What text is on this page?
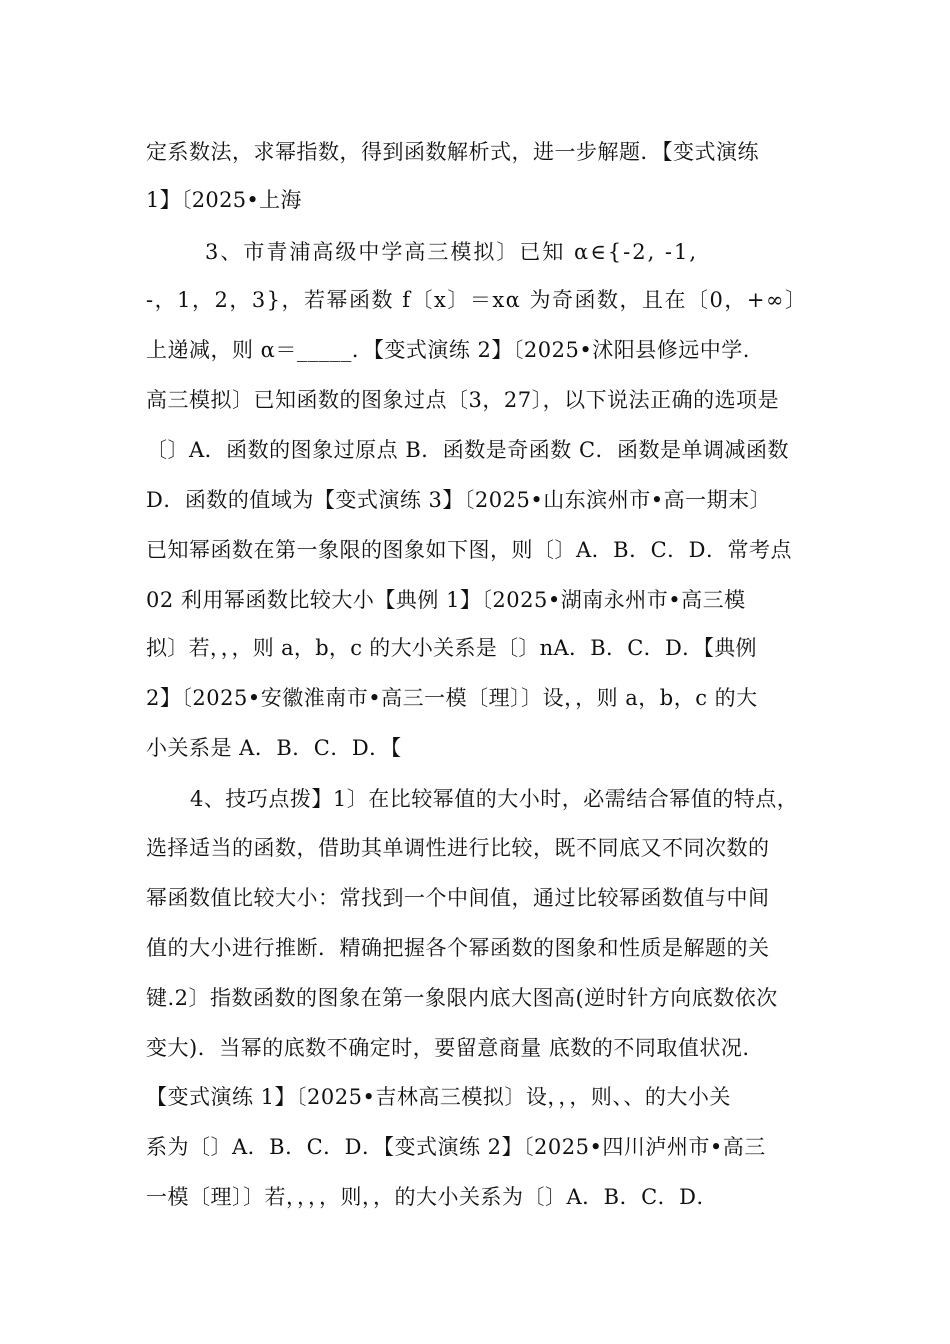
定系数法，求幂指数，得到函数解析式，进一步解题．【变式演练
1】〔2025•上海
3、市青浦高级中学高三模拟〕已知 α∈{-2, -1,
-，1，2，3}，若幂函数 f〔x〕＝xα 为奇函数，且在〔0，+∞〕
上递减，则 α＝_____．【变式演练 2】〔2025•沭阳县修远中学.
高三模拟〕已知函数的图象过点〔3，27〕，以下说法正确的选项是
〔〕A．函数的图象过原点 B．函数是奇函数 C．函数是单调减函数
D．函数的值域为【变式演练 3】〔2025•山东滨州市•高一期末〕
已知幂函数在第一象限的图象如下图，则〔〕A．B．C．D．常考点
02 利用幂函数比较大小【典例 1】〔2025•湖南永州市•高三模
拟〕若，，，则 a，b，c 的大小关系是〔〕nA．B．C．D．【典例
2】〔2025•安徽淮南市•高三一模〔理〕〕设，，则 a，b，c 的大
小关系是 A．B．C．D．【
4、技巧点拨】1〕在比较幂值的大小时，必需结合幂值的特点，
选择适当的函数，借助其单调性进行比较，既不同底又不同次数的
幂函数值比较大小：常找到一个中间值，通过比较幂函数值与中间
值的大小进行推断．精确把握各个幂函数的图象和性质是解题的关
键.2〕指数函数的图象在第一象限内底大图高(逆时针方向底数依次
变大)．当幂的底数不确定时，要留意商量 底数的不同取值状况.
【变式演练 1】〔2025•吉林高三模拟〕设，，，则、、的大小关
系为〔〕A．B．C．D．【变式演练 2】〔2025•四川泸州市•高三
一模〔理〕〕若，，，，则，，的大小关系为〔〕A．B．C．D．
